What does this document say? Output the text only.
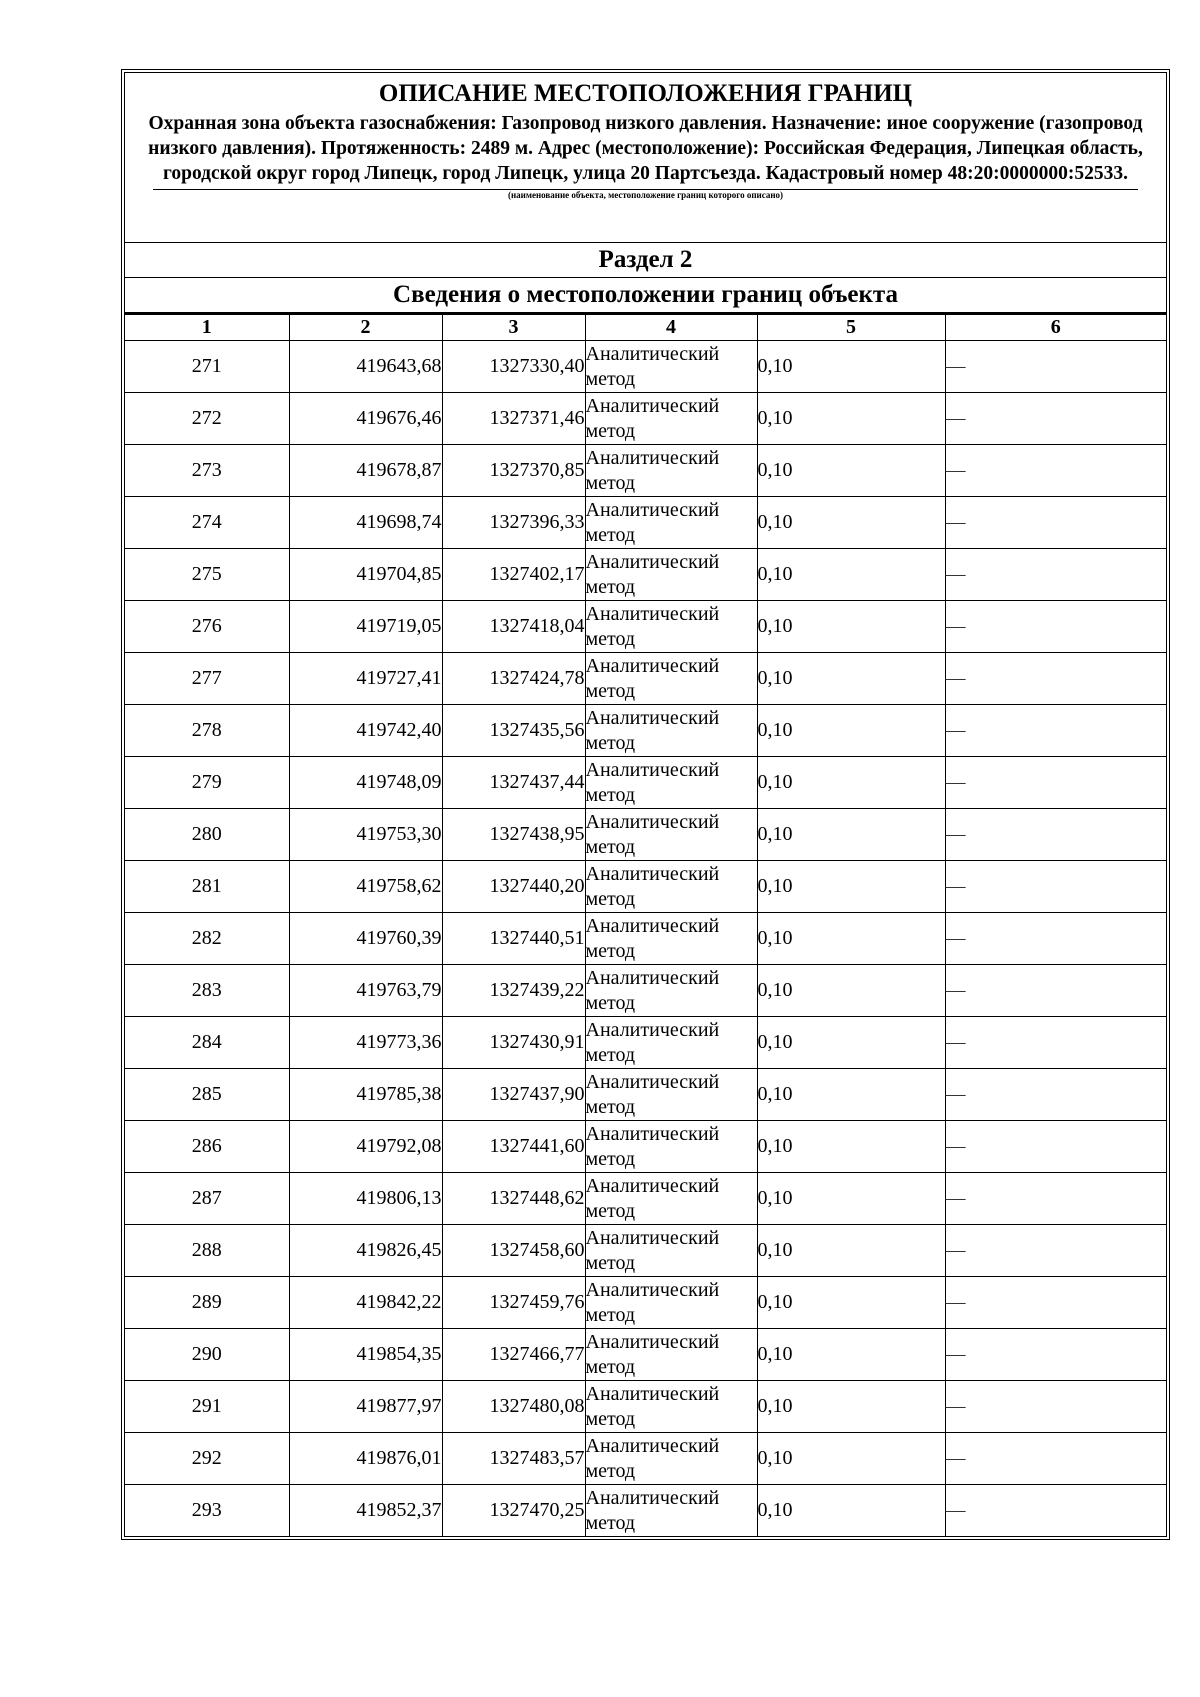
ОПИСАНИЕ МЕСТОПОЛОЖЕНИЯ ГРАНИЦ

Охранная зона объекта газоснабжения: Газопровод низкого давления. Назначение: иное сооружение (газопровод низкого давления). Протяженность: 2489 м. Адрес (местоположение): Российская Федерация, Липецкая область, городской округ город Липецк, город Липецк, улица 20 Партсъезда. Кадастровый номер 48:20:0000000:52533.

(наименование объекта, местоположение границ которого описано)

Раздел 2
Сведения о местоположении границ объекта
1	2	3	4	5	6
271	419643,68	1327330,40	Аналитический метод	0,10	—
272	419676,46	1327371,46	Аналитический метод	0,10	—
273	419678,87	1327370,85	Аналитический метод	0,10	—
274	419698,74	1327396,33	Аналитический метод	0,10	—
275	419704,85	1327402,17	Аналитический метод	0,10	—
276	419719,05	1327418,04	Аналитический метод	0,10	—
277	419727,41	1327424,78	Аналитический метод	0,10	—
278	419742,40	1327435,56	Аналитический метод	0,10	—
279	419748,09	1327437,44	Аналитический метод	0,10	—
280	419753,30	1327438,95	Аналитический метод	0,10	—
281	419758,62	1327440,20	Аналитический метод	0,10	—
282	419760,39	1327440,51	Аналитический метод	0,10	—
283	419763,79	1327439,22	Аналитический метод	0,10	—
284	419773,36	1327430,91	Аналитический метод	0,10	—
285	419785,38	1327437,90	Аналитический метод	0,10	—
286	419792,08	1327441,60	Аналитический метод	0,10	—
287	419806,13	1327448,62	Аналитический метод	0,10	—
288	419826,45	1327458,60	Аналитический метод	0,10	—
289	419842,22	1327459,76	Аналитический метод	0,10	—
290	419854,35	1327466,77	Аналитический метод	0,10	—
291	419877,97	1327480,08	Аналитический метод	0,10	—
292	419876,01	1327483,57	Аналитический метод	0,10	—
293	419852,37	1327470,25	Аналитический метод	0,10	—
